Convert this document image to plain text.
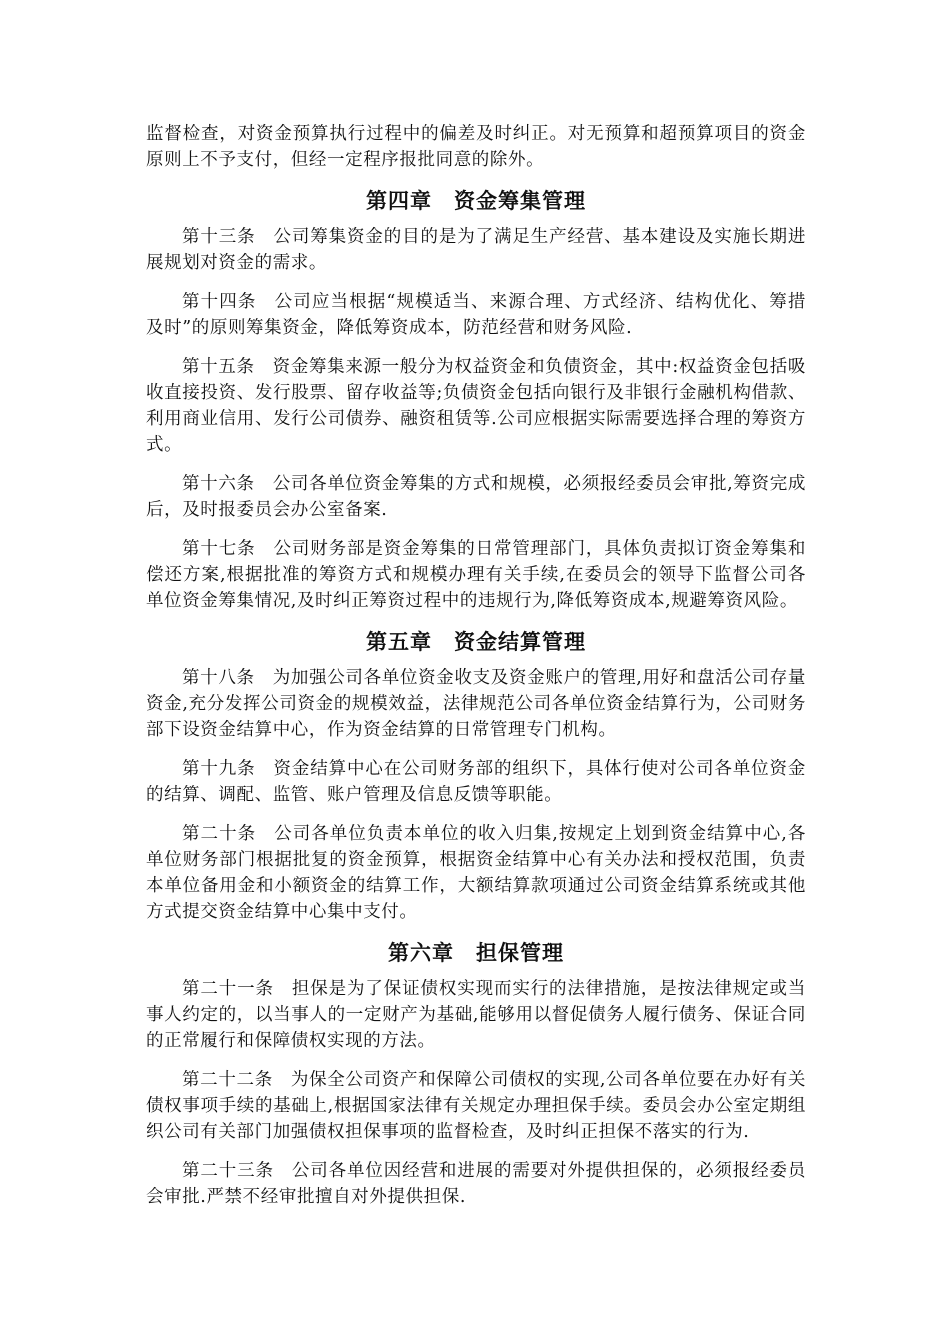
监督检查，对资金预算执行过程中的偏差及时纠正。对无预算和超预算项目的资金原则上不予支付，但经一定程序报批同意的除外。

第四章　资金筹集管理

第十三条 公司筹集资金的目的是为了满足生产经营、基本建设及实施长期进展规划对资金的需求。

第十四条 公司应当根据“规模适当、来源合理、方式经济、结构优化、筹措及时”的原则筹集资金，降低筹资成本，防范经营和财务风险.

第十五条 资金筹集来源一般分为权益资金和负债资金，其中:权益资金包括吸收直接投资、发行股票、留存收益等;负债资金包括向银行及非银行金融机构借款、利用商业信用、发行公司债券、融资租赁等.公司应根据实际需要选择合理的筹资方式。

第十六条 公司各单位资金筹集的方式和规模，必须报经委员会审批,筹资完成后，及时报委员会办公室备案.

第十七条 公司财务部是资金筹集的日常管理部门，具体负责拟订资金筹集和偿还方案,根据批准的筹资方式和规模办理有关手续,在委员会的领导下监督公司各单位资金筹集情况,及时纠正筹资过程中的违规行为,降低筹资成本,规避筹资风险。

第五章　资金结算管理

第十八条 为加强公司各单位资金收支及资金账户的管理,用好和盘活公司存量资金,充分发挥公司资金的规模效益，法律规范公司各单位资金结算行为，公司财务部下设资金结算中心，作为资金结算的日常管理专门机构。

第十九条 资金结算中心在公司财务部的组织下，具体行使对公司各单位资金的结算、调配、监管、账户管理及信息反馈等职能。

第二十条 公司各单位负责本单位的收入归集,按规定上划到资金结算中心,各单位财务部门根据批复的资金预算，根据资金结算中心有关办法和授权范围，负责本单位备用金和小额资金的结算工作，大额结算款项通过公司资金结算系统或其他方式提交资金结算中心集中支付。

第六章　担保管理

第二十一条 担保是为了保证债权实现而实行的法律措施，是按法律规定或当事人约定的，以当事人的一定财产为基础,能够用以督促债务人履行债务、保证合同的正常履行和保障债权实现的方法。

第二十二条 为保全公司资产和保障公司债权的实现,公司各单位要在办好有关债权事项手续的基础上,根据国家法律有关规定办理担保手续。委员会办公室定期组织公司有关部门加强债权担保事项的监督检查，及时纠正担保不落实的行为.

第二十三条 公司各单位因经营和进展的需要对外提供担保的，必须报经委员会审批.严禁不经审批擅自对外提供担保.
